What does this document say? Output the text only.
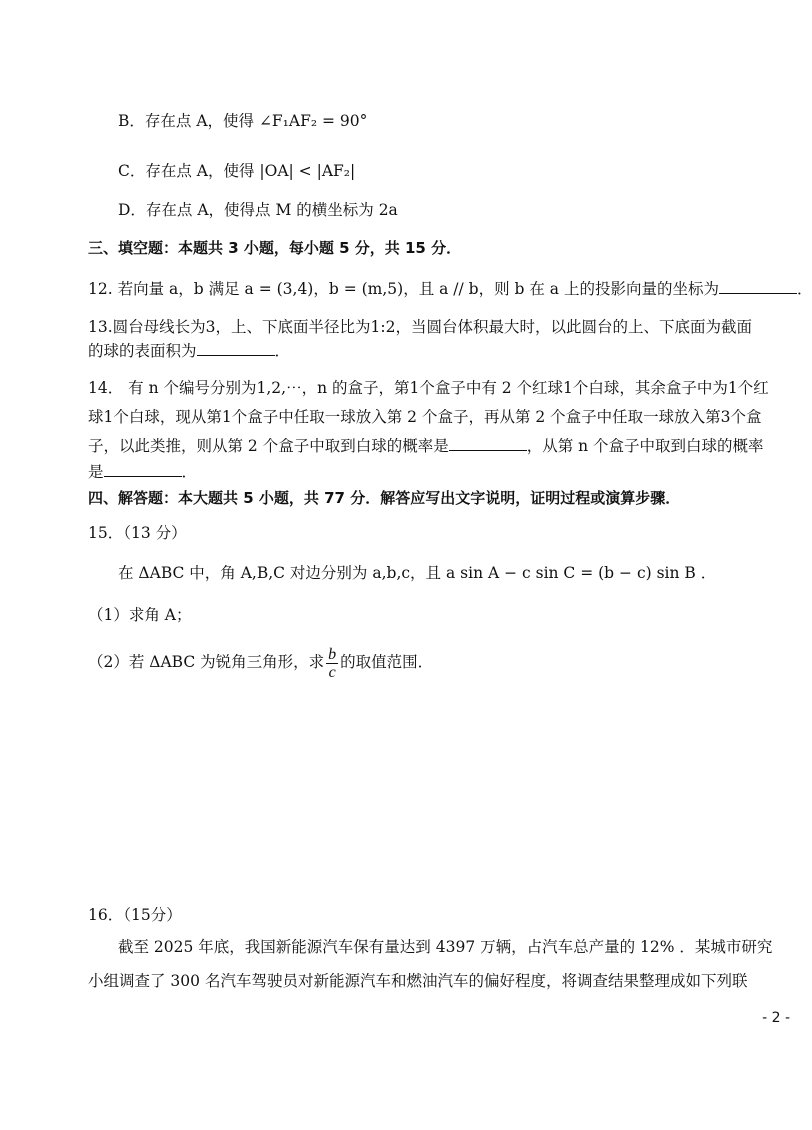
B．存在点 A，使得 ∠F₁AF₂ = 90°
C．存在点 A，使得 |OA| < |AF₂|
D．存在点 A，使得点 M 的横坐标为 2a
三、填空题：本题共 3 小题，每小题 5 分，共 15 分．
12. 若向量 a，b 满足 a = (3,4)，b = (m,5)，且 a // b，则 b 在 a 上的投影向量的坐标为	．
13.圆台母线长为3，上、下底面半径比为1:2，当圆台体积最大时，以此圆台的上、下底面为截面
的球的表面积为	．
14． 有 n 个编号分别为1,2,⋯，n 的盒子，第1个盒子中有 2 个红球1个白球，其余盒子中为1个红
球1个白球，现从第1个盒子中任取一球放入第 2 个盒子，再从第 2 个盒子中任取一球放入第3个盒
子，以此类推，则从第 2 个盒子中取到白球的概率是	，从第 n 个盒子中取到白球的概率
是	．
四、解答题：本大题共 5 小题，共 77 分．解答应写出文字说明，证明过程或演算步骤．
15．（13 分）
在 ΔABC 中，角 A,B,C 对边分别为 a,b,c，且 a sin A − c sin C = (b − c) sin B ．
（1）求角 A；
（2）若 ΔABC 为锐角三角形，求 $\frac{b}{c}$ 的取值范围．
16．（15分）
截至 2025 年底，我国新能源汽车保有量达到 4397 万辆，占汽车总产量的 12% ．某城市研究
小组调查了 300 名汽车驾驶员对新能源汽车和燃油汽车的偏好程度，将调查结果整理成如下列联
- 2 -
